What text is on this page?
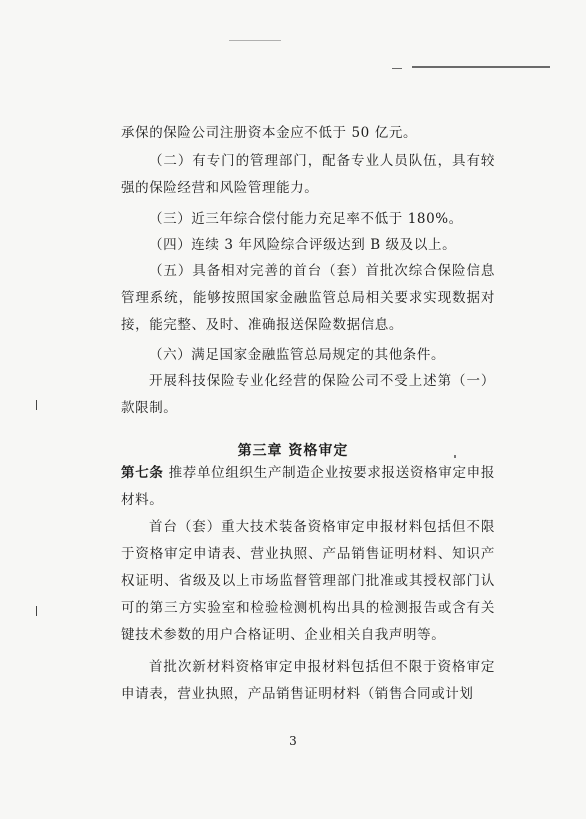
承保的保险公司注册资本金应不低于 50 亿元。

（二）有专门的管理部门，配备专业人员队伍，具有较强的保险经营和风险管理能力。

（三）近三年综合偿付能力充足率不低于 180%。

（四）连续 3 年风险综合评级达到 B 级及以上。

（五）具备相对完善的首台（套）首批次综合保险信息管理系统，能够按照国家金融监管总局相关要求实现数据对接，能完整、及时、准确报送保险数据信息。

（六）满足国家金融监管总局规定的其他条件。

开展科技保险专业化经营的保险公司不受上述第（一）款限制。

第三章 资格审定

第七条 推荐单位组织生产制造企业按要求报送资格审定申报材料。

首台（套）重大技术装备资格审定申报材料包括但不限于资格审定申请表、营业执照、产品销售证明材料、知识产权证明、省级及以上市场监督管理部门批准或其授权部门认可的第三方实验室和检验检测机构出具的检测报告或含有关键技术参数的用户合格证明、企业相关自我声明等。

首批次新材料资格审定申报材料包括但不限于资格审定申请表，营业执照，产品销售证明材料（销售合同或计划

3
